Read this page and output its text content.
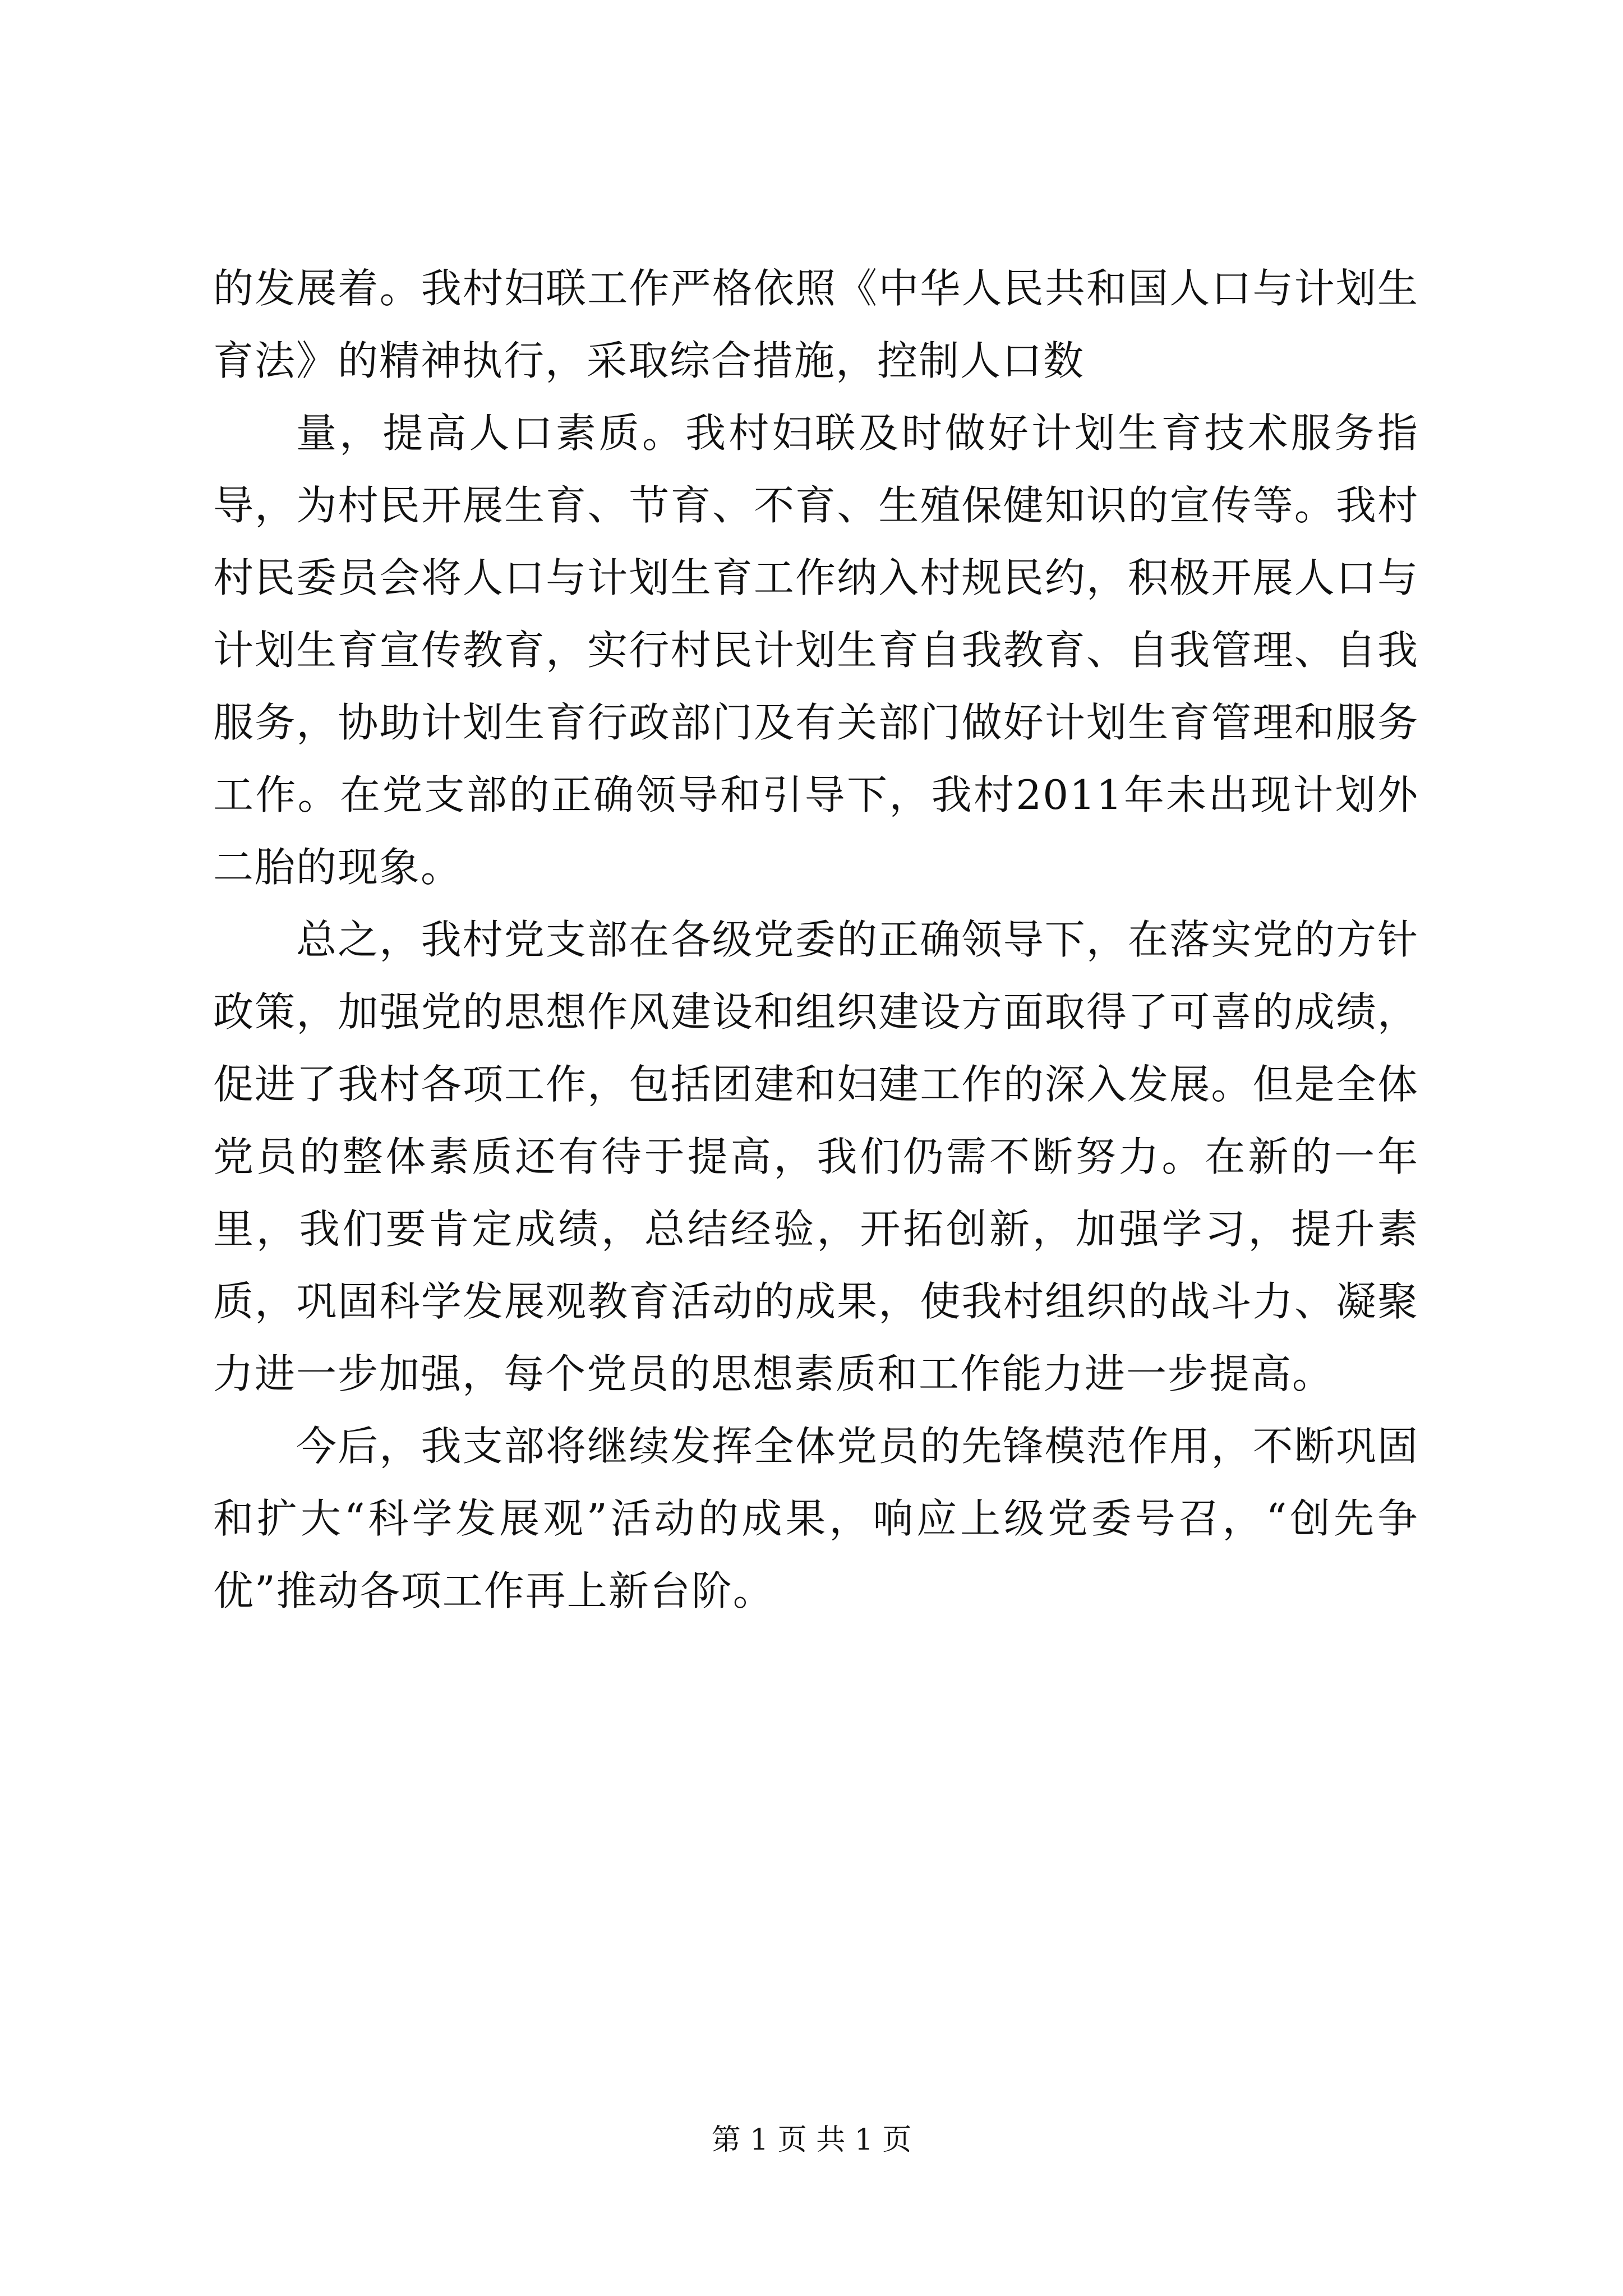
的发展着。我村妇联工作严格依照《中华人民共和国人口与计划生育法》的精神执行，采取综合措施，控制人口数

量，提高人口素质。我村妇联及时做好计划生育技术服务指导，为村民开展生育、节育、不育、生殖保健知识的宣传等。我村村民委员会将人口与计划生育工作纳入村规民约，积极开展人口与计划生育宣传教育，实行村民计划生育自我教育、自我管理、自我服务，协助计划生育行政部门及有关部门做好计划生育管理和服务工作。在党支部的正确领导和引导下，我村2011年未出现计划外二胎的现象。

总之，我村党支部在各级党委的正确领导下，在落实党的方针政策，加强党的思想作风建设和组织建设方面取得了可喜的成绩，促进了我村各项工作，包括团建和妇建工作的深入发展。但是全体党员的整体素质还有待于提高，我们仍需不断努力。在新的一年里，我们要肯定成绩，总结经验，开拓创新，加强学习，提升素质，巩固科学发展观教育活动的成果，使我村组织的战斗力、凝聚力进一步加强，每个党员的思想素质和工作能力进一步提高。

今后，我支部将继续发挥全体党员的先锋模范作用，不断巩固和扩大“科学发展观”活动的成果，响应上级党委号召，“创先争优”推动各项工作再上新台阶。

第 1 页 共 1 页
